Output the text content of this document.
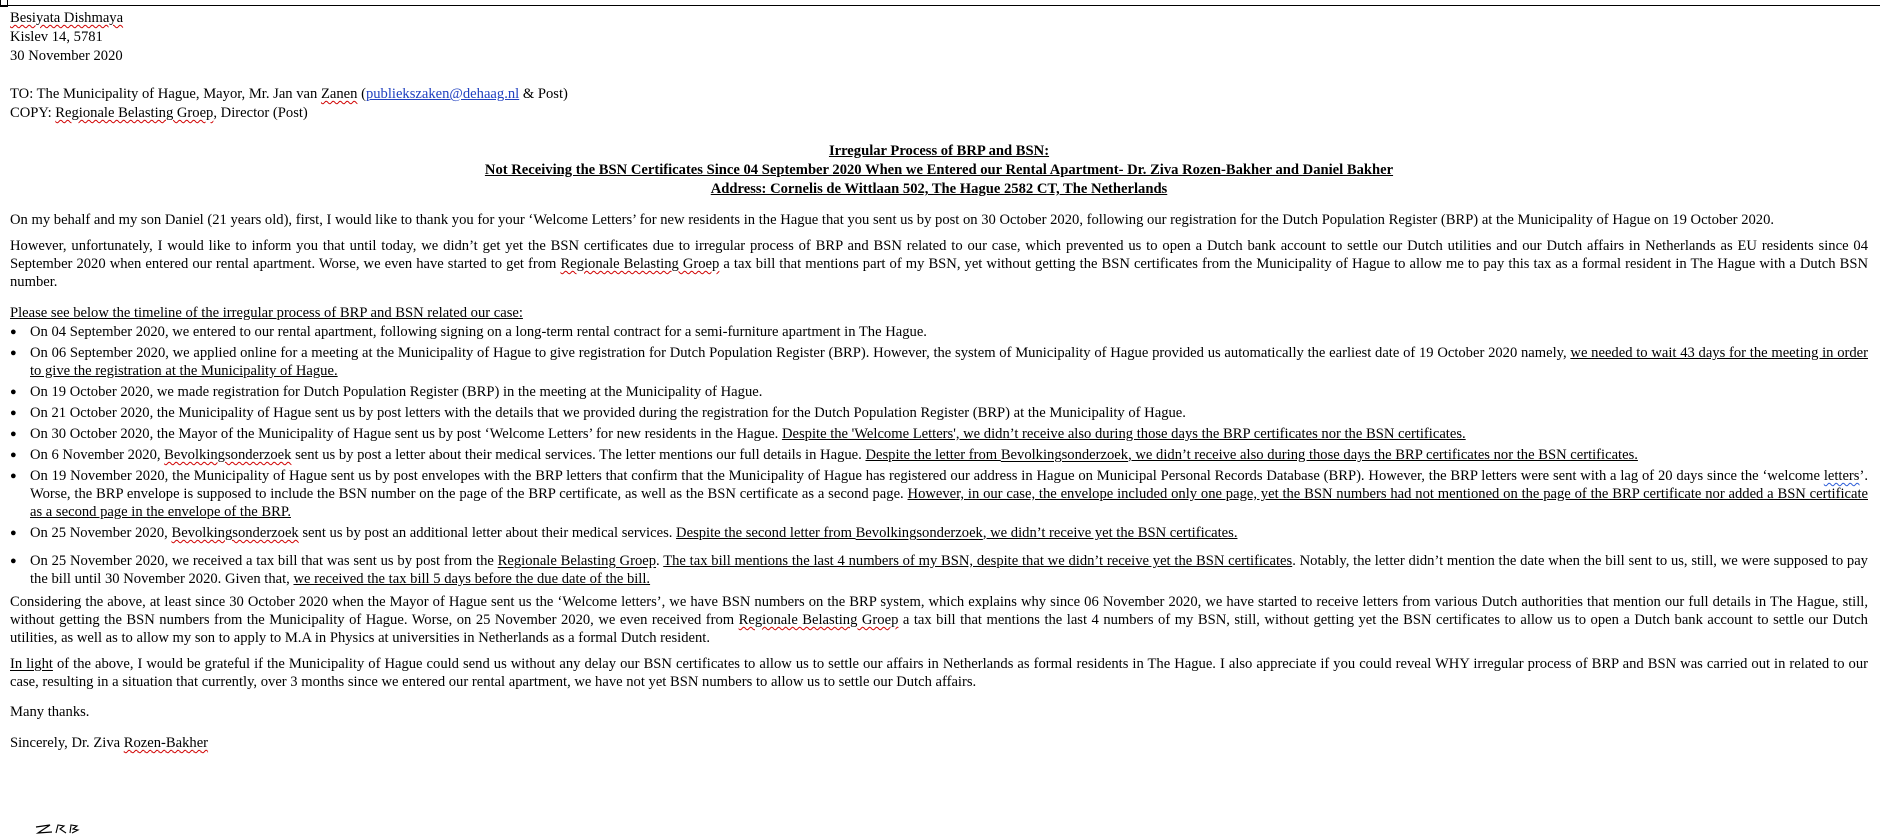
Besiyata Dishmaya
Kislev 14, 5781
30 November 2020
TO: The Municipality of Hague, Mayor, Mr. Jan van Zanen (publiekszaken@dehaag.nl & Post)
COPY: Regionale Belasting Groep, Director (Post)
Irregular Process of BRP and BSN:
Not Receiving the BSN Certificates Since 04 September 2020 When we Entered our Rental Apartment- Dr. Ziva Rozen-Bakher and Daniel Bakher
Address: Cornelis de Wittlaan 502, The Hague 2582 CT, The Netherlands
On my behalf and my son Daniel (21 years old), first, I would like to thank you for your ‘Welcome Letters’ for new residents in the Hague that you sent us by post on 30 October 2020, following our registration for the Dutch Population Register (BRP) at the Municipality of Hague on 19 October 2020.
However, unfortunately, I would like to inform you that until today, we didn’t get yet the BSN certificates due to irregular process of BRP and BSN related to our case, which prevented us to open a Dutch bank account to settle our Dutch utilities and our Dutch affairs in Netherlands as EU residents since 04 September 2020 when entered our rental apartment. Worse, we even have started to get from Regionale Belasting Groep a tax bill that mentions part of my BSN, yet without getting the BSN certificates from the Municipality of Hague to allow me to pay this tax as a formal resident in The Hague with a Dutch BSN number.
Please see below the timeline of the irregular process of BRP and BSN related our case:
● On 04 September 2020, we entered to our rental apartment, following signing on a long-term rental contract for a semi-furniture apartment in The Hague.
● On 06 September 2020, we applied online for a meeting at the Municipality of Hague to give registration for Dutch Population Register (BRP). However, the system of Municipality of Hague provided us automatically the earliest date of 19 October 2020 namely, we needed to wait 43 days for the meeting in order to give the registration at the Municipality of Hague.
● On 19 October 2020, we made registration for Dutch Population Register (BRP) in the meeting at the Municipality of Hague.
● On 21 October 2020, the Municipality of Hague sent us by post letters with the details that we provided during the registration for the Dutch Population Register (BRP) at the Municipality of Hague.
● On 30 October 2020, the Mayor of the Municipality of Hague sent us by post ‘Welcome Letters’ for new residents in the Hague. Despite the 'Welcome Letters', we didn’t receive also during those days the BRP certificates nor the BSN certificates.
● On 6 November 2020, Bevolkingsonderzoek sent us by post a letter about their medical services. The letter mentions our full details in Hague. Despite the letter from Bevolkingsonderzoek, we didn’t receive also during those days the BRP certificates nor the BSN certificates.
● On 19 November 2020, the Municipality of Hague sent us by post envelopes with the BRP letters that confirm that the Municipality of Hague has registered our address in Hague on Municipal Personal Records Database (BRP). However, the BRP letters were sent with a lag of 20 days since the ‘welcome letters’. Worse, the BRP envelope is supposed to include the BSN number on the page of the BRP certificate, as well as the BSN certificate as a second page. However, in our case, the envelope included only one page, yet the BSN numbers had not mentioned on the page of the BRP certificate nor added a BSN certificate as a second page in the envelope of the BRP.
● On 25 November 2020, Bevolkingsonderzoek sent us by post an additional letter about their medical services. Despite the second letter from Bevolkingsonderzoek, we didn’t receive yet the BSN certificates.
● On 25 November 2020, we received a tax bill that was sent us by post from the Regionale Belasting Groep. The tax bill mentions the last 4 numbers of my BSN, despite that we didn’t receive yet the BSN certificates. Notably, the letter didn’t mention the date when the bill sent to us, still, we were supposed to pay the bill until 30 November 2020. Given that, we received the tax bill 5 days before the due date of the bill.
Considering the above, at least since 30 October 2020 when the Mayor of Hague sent us the ‘Welcome letters’, we have BSN numbers on the BRP system, which explains why since 06 November 2020, we have started to receive letters from various Dutch authorities that mention our full details in The Hague, still, without getting the BSN numbers from the Municipality of Hague. Worse, on 25 November 2020, we even received from Regionale Belasting Groep a tax bill that mentions the last 4 numbers of my BSN, still, without getting yet the BSN certificates to allow us to open a Dutch bank account to settle our Dutch utilities, as well as to allow my son to apply to M.A in Physics at universities in Netherlands as a formal Dutch resident.
In light of the above, I would be grateful if the Municipality of Hague could send us without any delay our BSN certificates to allow us to settle our affairs in Netherlands as formal residents in The Hague. I also appreciate if you could reveal WHY irregular process of BRP and BSN was carried out in related to our case, resulting in a situation that currently, over 3 months since we entered our rental apartment, we have not yet BSN numbers to allow us to settle our Dutch affairs.
Many thanks.
Sincerely, Dr. Ziva Rozen-Bakher
